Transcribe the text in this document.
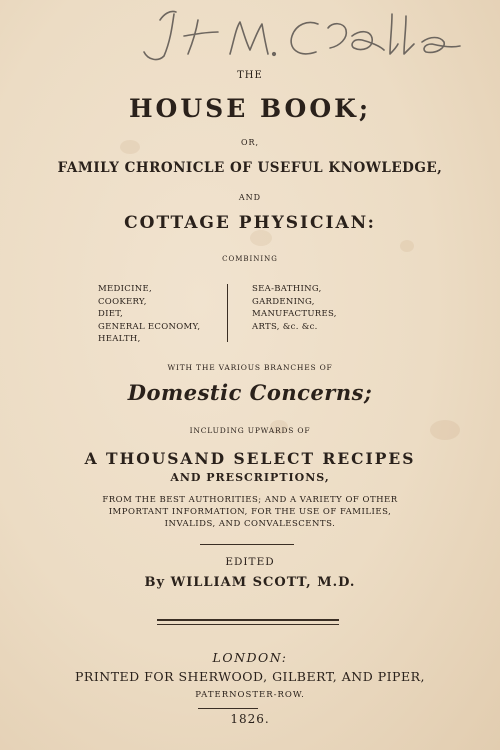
THE
HOUSE BOOK;
OR,
FAMILY CHRONICLE OF USEFUL KNOWLEDGE,
AND
COTTAGE PHYSICIAN:
COMBINING
MEDICINE,
COOKERY,
DIET,
GENERAL ECONOMY,
HEALTH,
SEA-BATHING,
GARDENING,
MANUFACTURES,
ARTS, &c. &c.
WITH THE VARIOUS BRANCHES OF
Domestic Concerns;
INCLUDING UPWARDS OF
A THOUSAND SELECT RECIPES
AND PRESCRIPTIONS,
FROM THE BEST AUTHORITIES; AND A VARIETY OF OTHER
IMPORTANT INFORMATION, FOR THE USE OF FAMILIES,
INVALIDS, AND CONVALESCENTS.
EDITED
By WILLIAM SCOTT, M.D.
LONDON:
PRINTED FOR SHERWOOD, GILBERT, AND PIPER,
PATERNOSTER-ROW.
1826.
